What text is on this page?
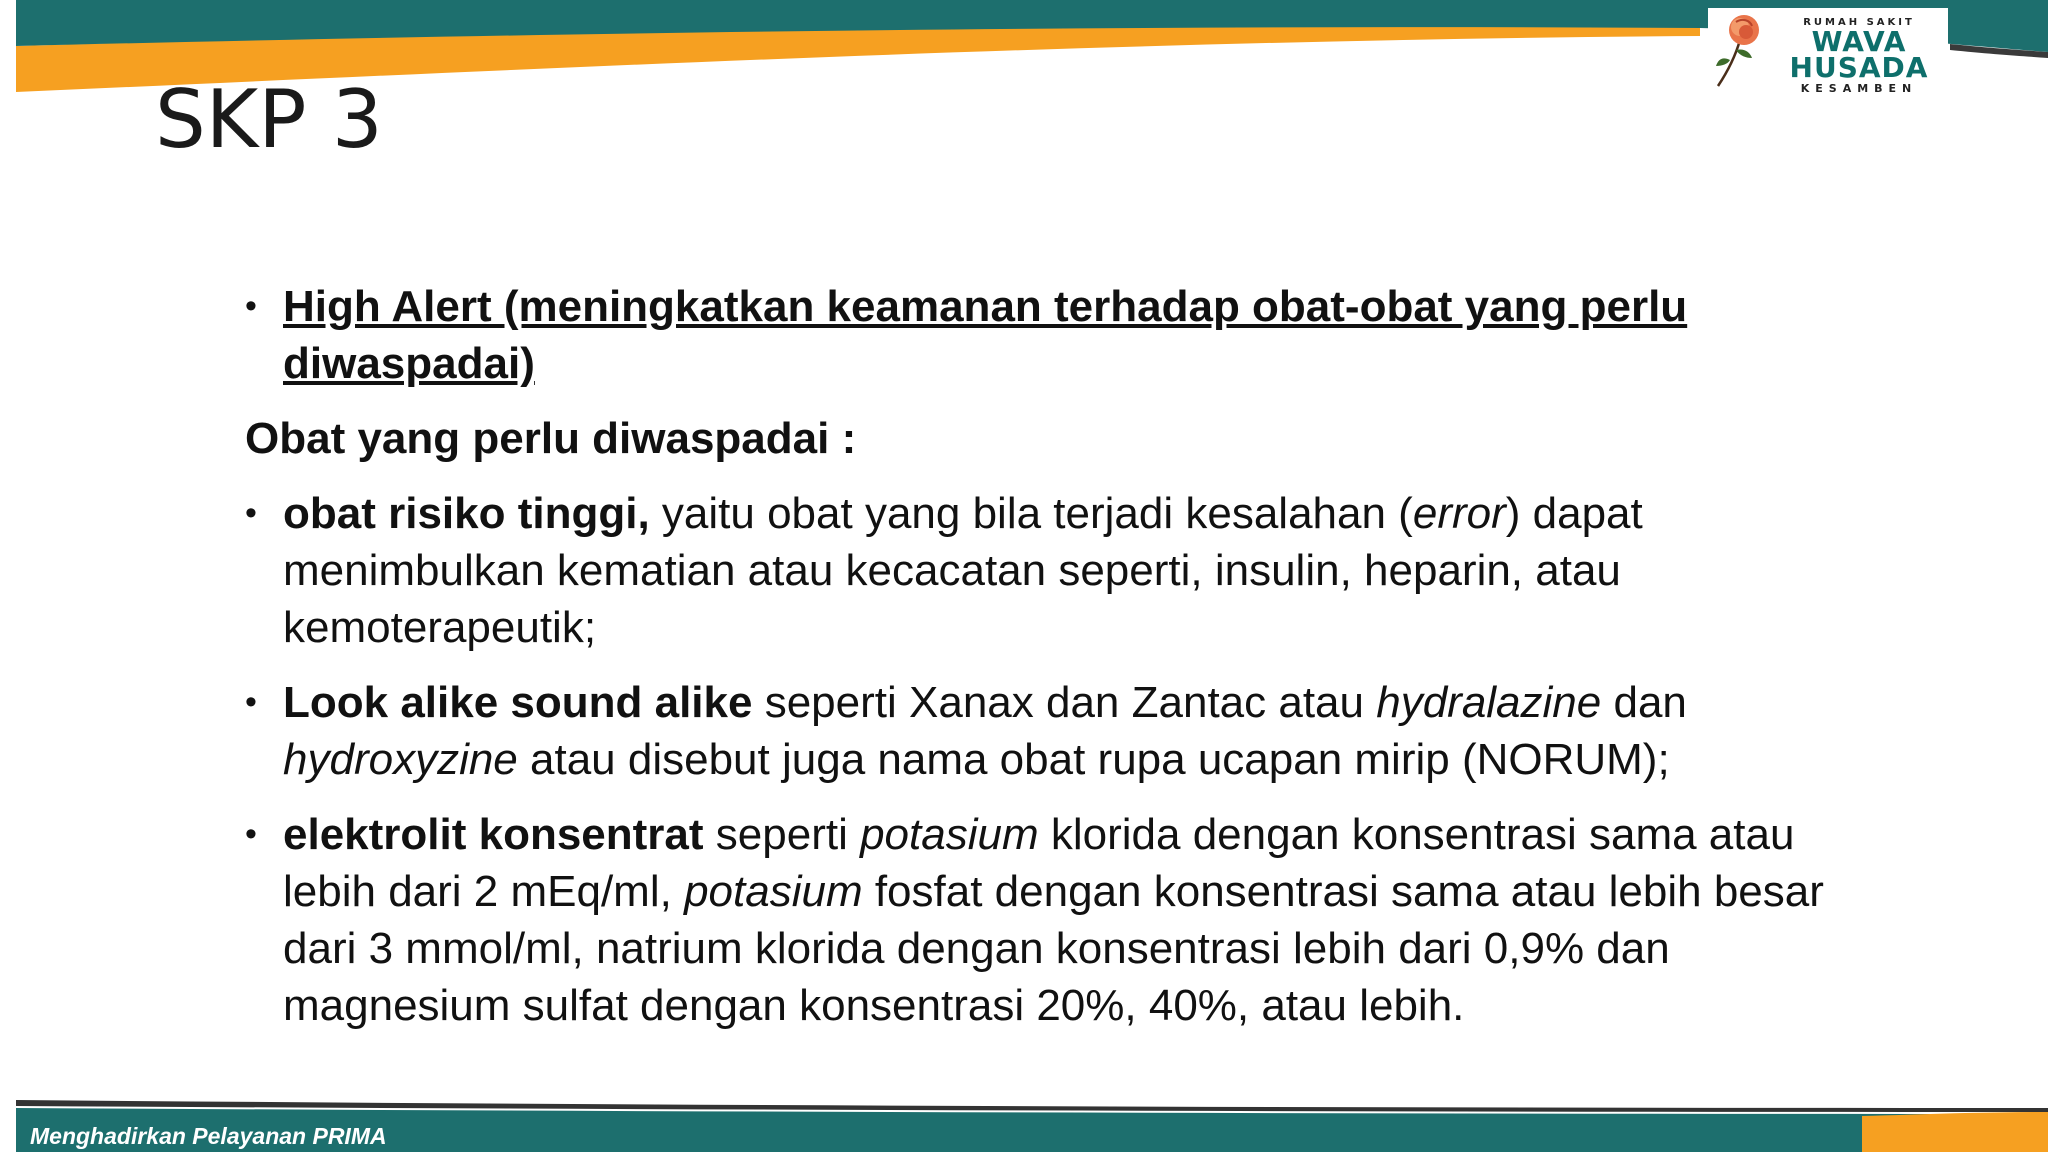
RUMAH SAKIT
WAVA
HUSADA
KESAMBEN
SKP 3

• High Alert (meningkatkan keamanan terhadap obat-obat yang perlu diwaspadai)

Obat yang perlu diwaspadai :

• obat risiko tinggi, yaitu obat yang bila terjadi kesalahan (error) dapat menimbulkan kematian atau kecacatan seperti, insulin, heparin, atau kemoterapeutik;

• Look alike sound alike seperti Xanax dan Zantac atau hydralazine dan hydroxyzine atau disebut juga nama obat rupa ucapan mirip (NORUM);

• elektrolit konsentrat seperti potasium klorida dengan konsentrasi sama atau lebih dari 2 mEq/ml, potasium fosfat dengan konsentrasi sama atau lebih besar dari 3 mmol/ml, natrium klorida dengan konsentrasi lebih dari 0,9% dan magnesium sulfat dengan konsentrasi 20%, 40%, atau lebih.

Menghadirkan Pelayanan PRIMA
